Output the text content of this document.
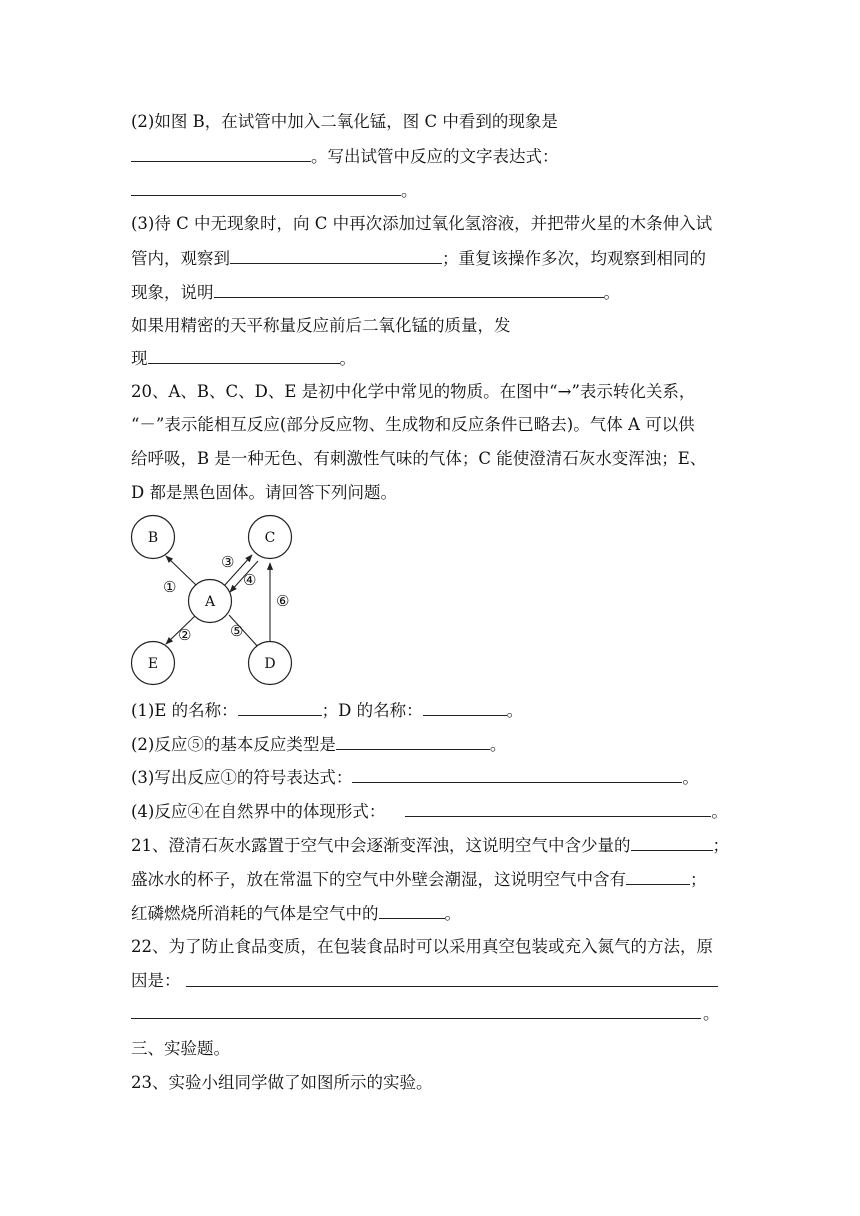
(2)如图 B，在试管中加入二氧化锰，图 C 中看到的现象是
。写出试管中反应的文字表达式：
。
(3)待 C 中无现象时，向 C 中再次添加过氧化氢溶液，并把带火星的木条伸入试
管内，观察到	；重复该操作多次，均观察到相同的
现象，说明	。
如果用精密的天平称量反应前后二氧化锰的质量，发
现	。
20、A、B、C、D、E 是初中化学中常见的物质。在图中“→”表示转化关系，
“－”表示能相互反应(部分反应物、生成物和反应条件已略去)。气体 A 可以供
给呼吸，B 是一种无色、有刺激性气味的气体；C 能使澄清石灰水变浑浊；E、
D 都是黑色固体。请回答下列问题。
B	C
A
E	D
①
②
③
④
⑤
⑥
(1)E 的名称：	；D 的名称：	。
(2)反应⑤的基本反应类型是	。
(3)写出反应①的符号表达式：	。
(4)反应④在自然界中的体现形式：	。
21、澄清石灰水露置于空气中会逐渐变浑浊，这说明空气中含少量的	；
盛冰水的杯子，放在常温下的空气中外壁会潮湿，这说明空气中含有	；
红磷燃烧所消耗的气体是空气中的	。
22、为了防止食品变质，在包装食品时可以采用真空包装或充入氮气的方法，原
因是：
。
三、实验题。
23、实验小组同学做了如图所示的实验。
